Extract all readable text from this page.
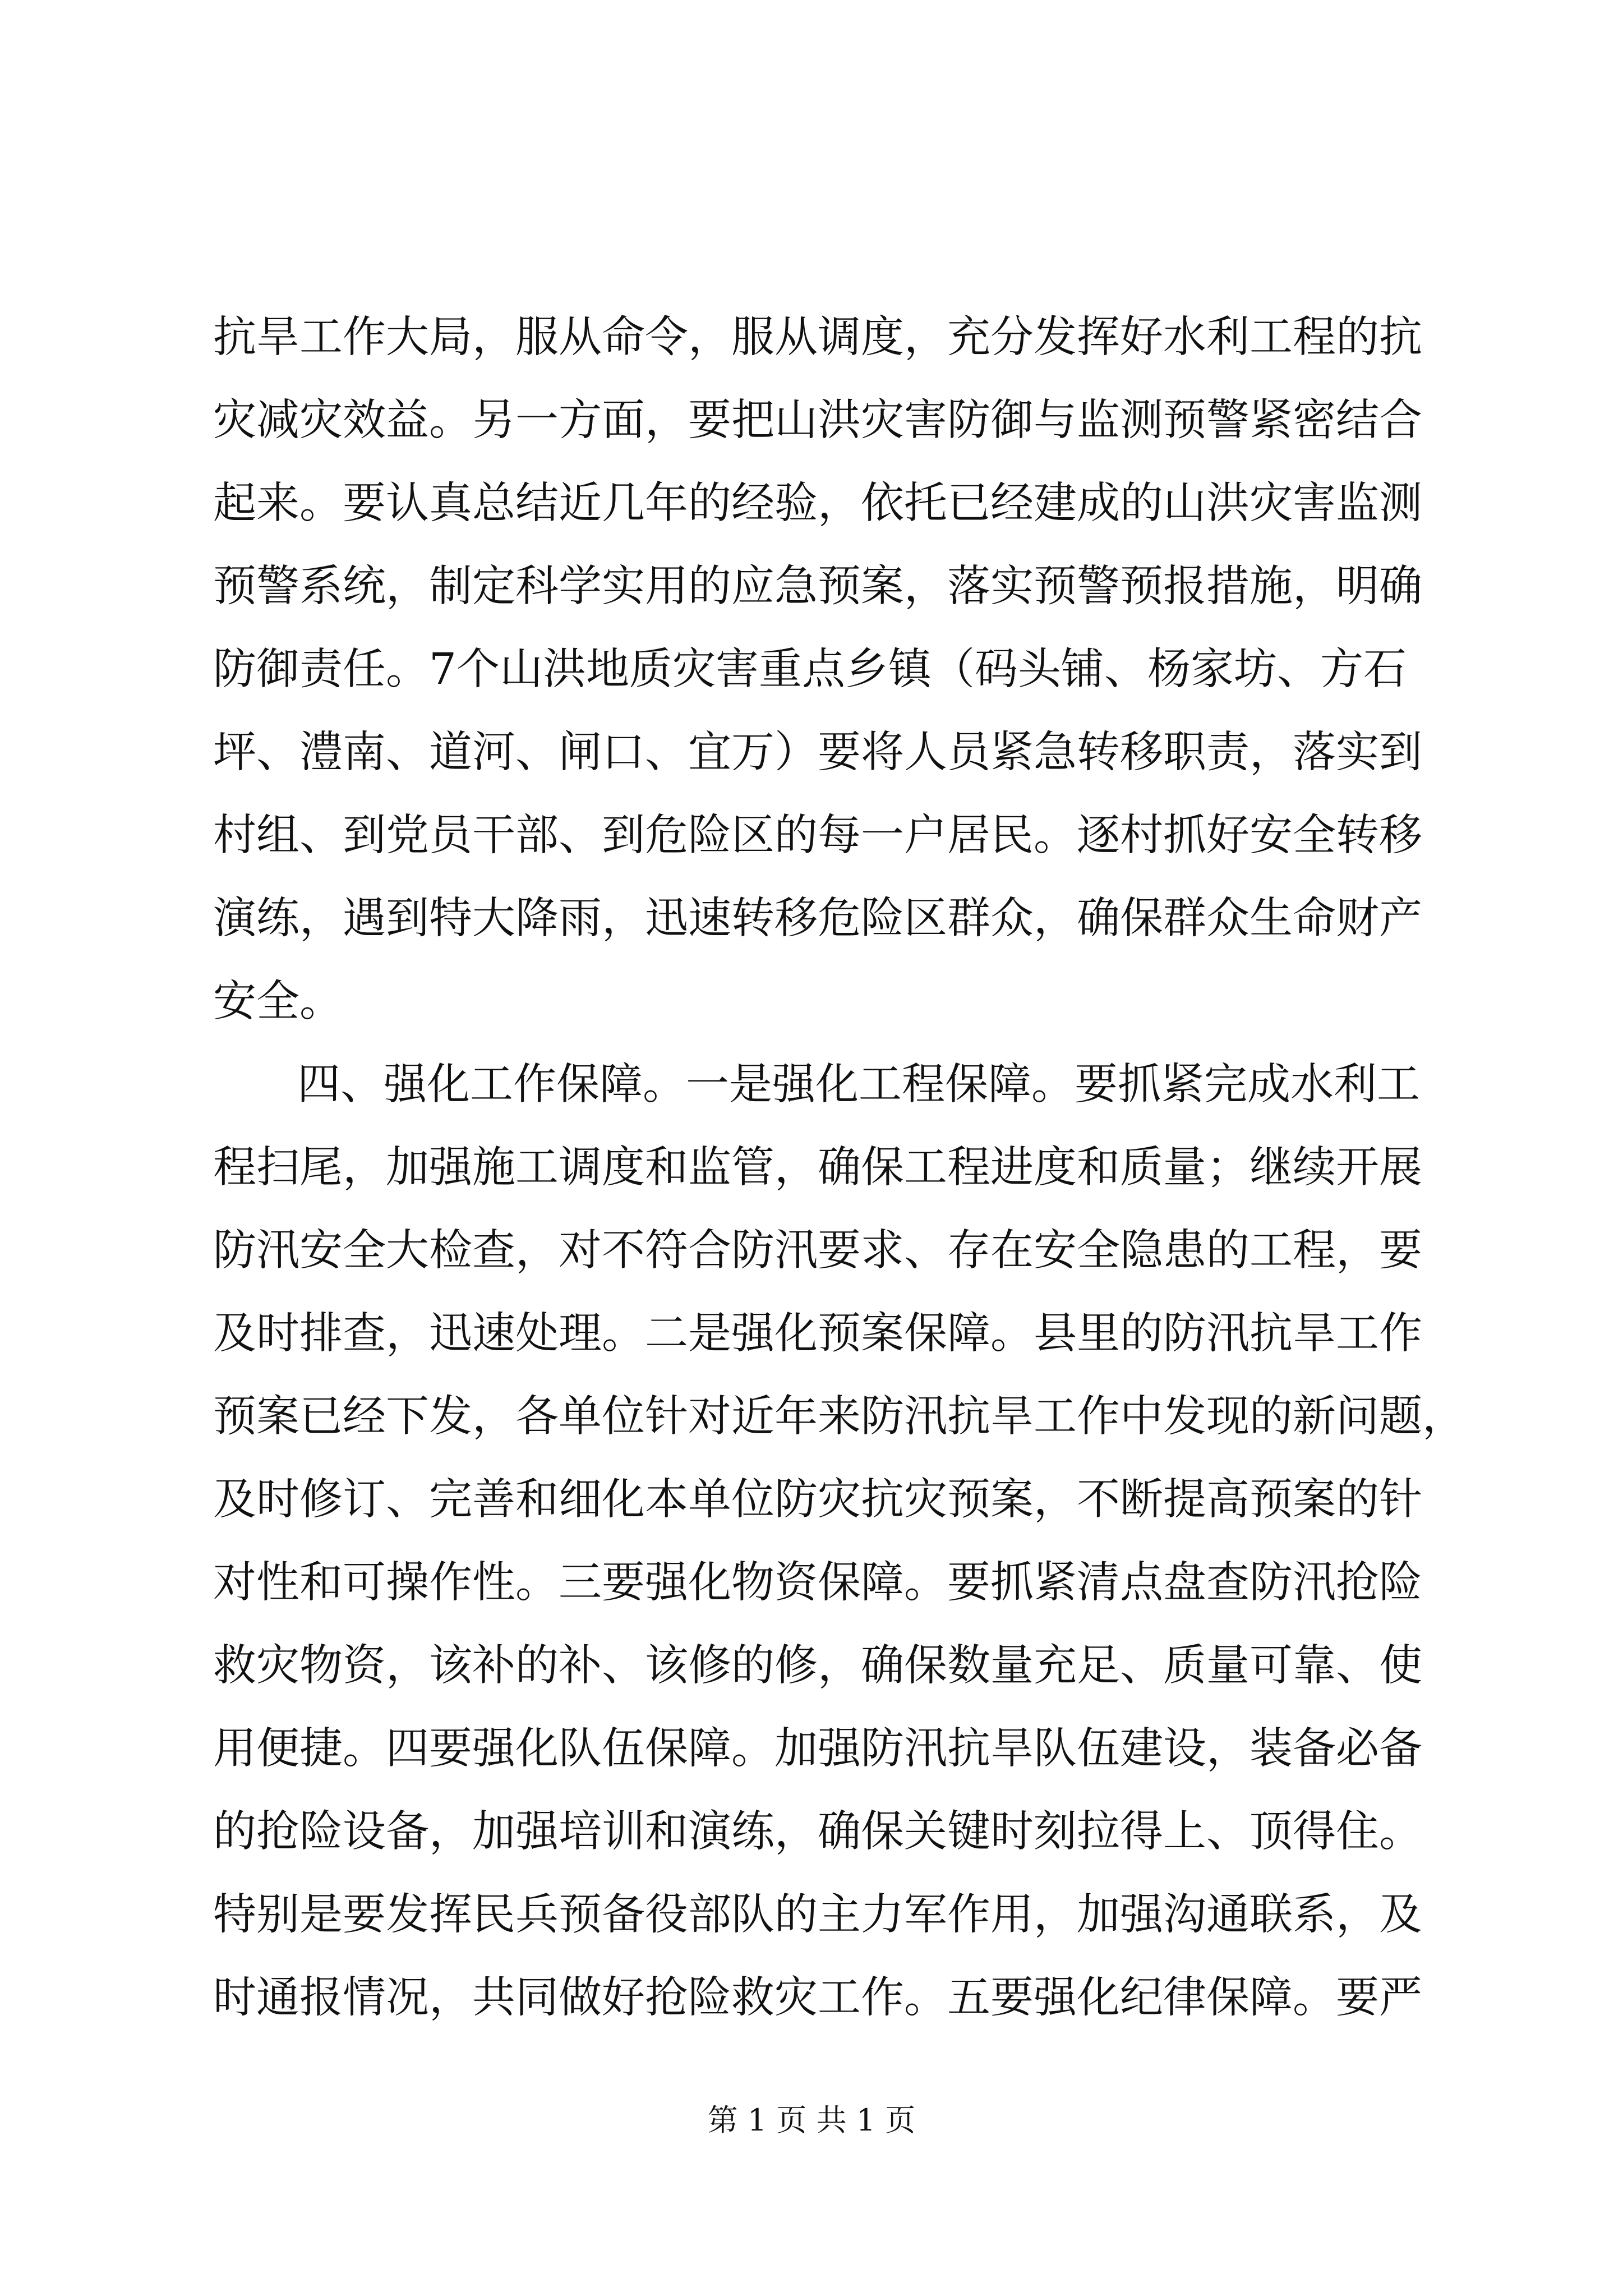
抗旱工作大局，服从命令，服从调度，充分发挥好水利工程的抗
灾减灾效益。另一方面，要把山洪灾害防御与监测预警紧密结合
起来。要认真总结近几年的经验，依托已经建成的山洪灾害监测
预警系统，制定科学实用的应急预案，落实预警预报措施，明确
防御责任。7个山洪地质灾害重点乡镇（码头铺、杨家坊、方石
坪、澧南、道河、闸口、宜万）要将人员紧急转移职责，落实到
村组、到党员干部、到危险区的每一户居民。逐村抓好安全转移
演练，遇到特大降雨，迅速转移危险区群众，确保群众生命财产
安全。
四、强化工作保障。一是强化工程保障。要抓紧完成水利工
程扫尾，加强施工调度和监管，确保工程进度和质量；继续开展
防汛安全大检查，对不符合防汛要求、存在安全隐患的工程，要
及时排查，迅速处理。二是强化预案保障。县里的防汛抗旱工作
预案已经下发，各单位针对近年来防汛抗旱工作中发现的新问题，
及时修订、完善和细化本单位防灾抗灾预案，不断提高预案的针
对性和可操作性。三要强化物资保障。要抓紧清点盘查防汛抢险
救灾物资，该补的补、该修的修，确保数量充足、质量可靠、使
用便捷。四要强化队伍保障。加强防汛抗旱队伍建设，装备必备
的抢险设备，加强培训和演练，确保关键时刻拉得上、顶得住。
特别是要发挥民兵预备役部队的主力军作用，加强沟通联系，及
时通报情况，共同做好抢险救灾工作。五要强化纪律保障。要严
第 1 页 共 1 页
